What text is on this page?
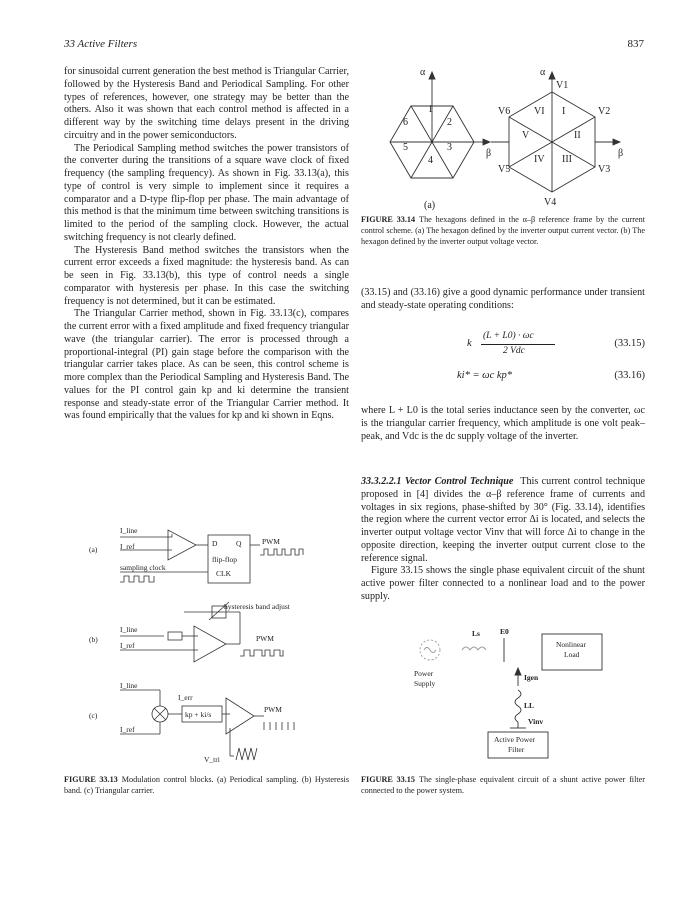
33 Active Filters	837

for sinusoidal current generation the best method is Triangular Carrier, followed by the Hysteresis Band and Periodical Sampling. For other types of references, however, one strategy may be better than the others. Also it was shown that each control method is affected in a different way by the switching time delays present in the driving circuitry and in the power semiconductors.

The Periodical Sampling method switches the power transistors of the converter during the transitions of a square wave clock of fixed frequency (the sampling frequency). As shown in Fig. 33.13(a), this type of control is very simple to implement since it requires a comparator and a D-type flip-flop per phase. The main advantage of this method is that the minimum time between switching transitions is limited to the period of the sampling clock. However, the actual switching frequency is not clearly defined.

The Hysteresis Band method switches the transistors when the current error exceeds a fixed magnitude: the hysteresis band. As can be seen in Fig. 33.13(b), this type of control needs a single comparator with hysteresis per phase. In this case the switching frequency is not determined, but it can be estimated.

The Triangular Carrier method, shown in Fig. 33.13(c), compares the current error with a fixed amplitude and fixed frequency triangular wave (the triangular carrier). The error is processed through a proportional-integral (PI) gain stage before the comparison with the triangular carrier takes place. As can be seen, this control scheme is more complex than the Periodical Sampling and Hysteresis Band. The values for the PI control gain kp and ki determine the transient response and steady-state error of the Triangular Carrier method. It was found empirically that the values for kp and ki shown in Eqns.

(a)
I_line
I_ref
sampling clock
D Q
flip-flop
CLK
PWM
(b)
I_line
I_ref
hysteresis band adjust
PWM
(c)
I_line
I_ref
I_err
kp + ki/s
PWM
V_tri
FIGURE 33.13 Modulation control blocks. (a) Periodical sampling. (b) Hysteresis band. (c) Triangular carrier.
α
β
α
β
1
2
3
4
5
6
I
II
III
IV
V
VI
V1
V2
V3
V4
V5
V6
(a)
FIGURE 33.14 The hexagons defined in the α–β reference frame by the current control scheme. (a) The hexagon defined by the inverter output current vector. (b) The hexagon defined by the inverter output voltage vector.
(33.15) and (33.16) give a good dynamic performance under transient and steady-state operating conditions:
k
(L + L0) · ωc
2 Vdc
(33.15)
ki* = ωc kp*	(33.16)
where L + L0 is the total series inductance seen by the converter, ωc is the triangular carrier frequency, which amplitude is one volt peak–peak, and Vdc is the dc supply voltage of the inverter.

33.3.2.2.1 Vector Control Technique This current control technique proposed in [4] divides the α–β reference frame of currents and voltages in six regions, phase-shifted by 30° (Fig. 33.14), identifies the region where the current vector error Δi is located, and selects the inverter output voltage vector Vinv that will force Δi to change in the opposite direction, keeping the inverter output current close to the reference signal.

Figure 33.15 shows the single phase equivalent circuit of the shunt active power filter connected to a nonlinear load and to the power supply.

Ls	E0
Nonlinear
Load
Power
Supply
Igen
LL
Vinv
Active Power
Filter
FIGURE 33.15 The single-phase equivalent circuit of a shunt active power filter connected to the power system.
